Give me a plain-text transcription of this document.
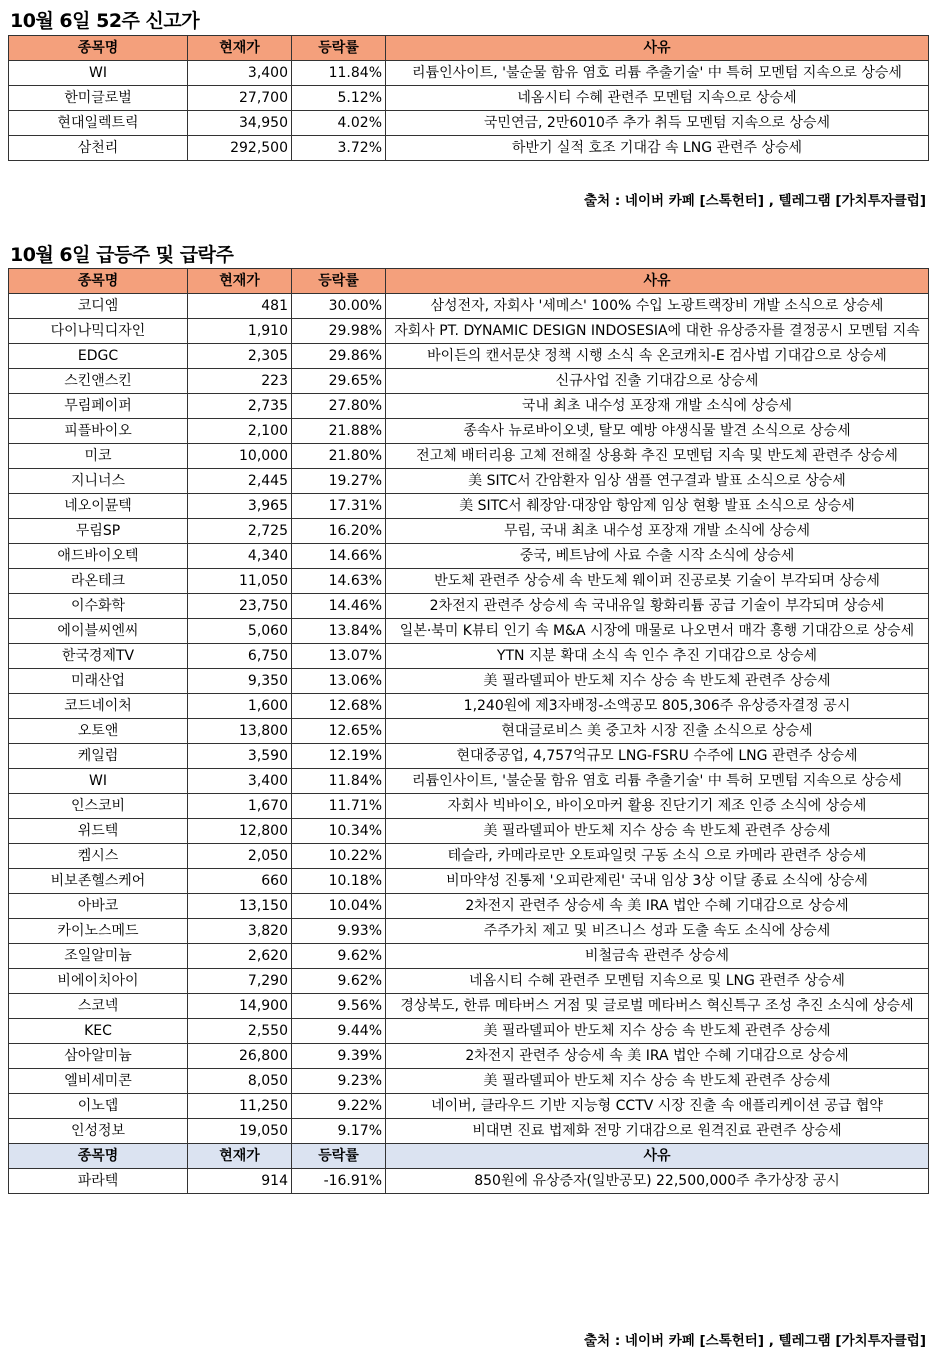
10월 6일 52주 신고가
종목명	현재가	등락률	사유
WI	3,400	11.84%	리튬인사이트, '불순물 함유 염호 리튬 추출기술' 中 특허 모멘텀 지속으로 상승세
한미글로벌	27,700	5.12%	네옴시티 수혜 관련주 모멘텀 지속으로 상승세
현대일렉트릭	34,950	4.02%	국민연금, 2만6010주 추가 취득 모멘텀 지속으로 상승세
삼천리	292,500	3.72%	하반기 실적 호조 기대감 속 LNG 관련주 상승세
출처 : 네이버 카페 [스톡헌터] , 텔레그램 [가치투자클럽]
10월 6일 급등주 및 급락주
종목명	현재가	등락률	사유
코디엠	481	30.00%	삼성전자, 자회사 '세메스' 100% 수입 노광트랙장비 개발 소식으로 상승세
다이나믹디자인	1,910	29.98%	자회사 PT. DYNAMIC DESIGN INDOSESIA에 대한 유상증자를 결정공시 모멘텀 지속
EDGC	2,305	29.86%	바이든의 캔서문샷 정책 시행 소식 속 온코캐치-E 검사법 기대감으로 상승세
스킨앤스킨	223	29.65%	신규사업 진출 기대감으로 상승세
무림페이퍼	2,735	27.80%	국내 최초 내수성 포장재 개발 소식에 상승세
피플바이오	2,100	21.88%	종속사 뉴로바이오넷, 탈모 예방 야생식물 발견 소식으로 상승세
미코	10,000	21.80%	전고체 배터리용 고체 전해질 상용화 추진 모멘텀 지속 및 반도체 관련주 상승세
지니너스	2,445	19.27%	美 SITC서 간암환자 임상 샘플 연구결과 발표 소식으로 상승세
네오이뮨텍	3,965	17.31%	美 SITC서 췌장암·대장암 항암제 임상 현황 발표 소식으로 상승세
무림SP	2,725	16.20%	무림, 국내 최초 내수성 포장재 개발 소식에 상승세
애드바이오텍	4,340	14.66%	중국, 베트남에 사료 수출 시작 소식에 상승세
라온테크	11,050	14.63%	반도체 관련주 상승세 속 반도체 웨이퍼 진공로봇 기술이 부각되며 상승세
이수화학	23,750	14.46%	2차전지 관련주 상승세 속 국내유일 황화리튬 공급 기술이 부각되며 상승세
에이블씨엔씨	5,060	13.84%	일본·북미 K뷰티 인기 속 M&A 시장에 매물로 나오면서 매각 흥행 기대감으로 상승세
한국경제TV	6,750	13.07%	YTN 지분 확대 소식 속 인수 추진 기대감으로 상승세
미래산업	9,350	13.06%	美 필라델피아 반도체 지수 상승 속 반도체 관련주 상승세
코드네이처	1,600	12.68%	1,240원에 제3자배정-소액공모 805,306주 유상증자결정 공시
오토앤	13,800	12.65%	현대글로비스 美 중고차 시장 진출 소식으로 상승세
케일럼	3,590	12.19%	현대중공업, 4,757억규모 LNG-FSRU 수주에 LNG 관련주 상승세
WI	3,400	11.84%	리튬인사이트, '불순물 함유 염호 리튬 추출기술' 中 특허 모멘텀 지속으로 상승세
인스코비	1,670	11.71%	자회사 빅바이오, 바이오마커 활용 진단기기 제조 인증 소식에 상승세
위드텍	12,800	10.34%	美 필라델피아 반도체 지수 상승 속 반도체 관련주 상승세
켐시스	2,050	10.22%	테슬라, 카메라로만 오토파일럿 구동 소식 으로 카메라 관련주 상승세
비보존헬스케어	660	10.18%	비마약성 진통제 '오피란제린' 국내 임상 3상 이달 종료 소식에 상승세
아바코	13,150	10.04%	2차전지 관련주 상승세 속 美 IRA 법안 수혜 기대감으로 상승세
카이노스메드	3,820	9.93%	주주가치 제고 및 비즈니스 성과 도출 속도 소식에 상승세
조일알미늄	2,620	9.62%	비철금속 관련주 상승세
비에이치아이	7,290	9.62%	네옴시티 수혜 관련주 모멘텀 지속으로 및 LNG 관련주 상승세
스코넥	14,900	9.56%	경상북도, 한류 메타버스 거점 및 글로벌 메타버스 혁신특구 조성 추진 소식에 상승세
KEC	2,550	9.44%	美 필라델피아 반도체 지수 상승 속 반도체 관련주 상승세
삼아알미늄	26,800	9.39%	2차전지 관련주 상승세 속 美 IRA 법안 수혜 기대감으로 상승세
엘비세미콘	8,050	9.23%	美 필라델피아 반도체 지수 상승 속 반도체 관련주 상승세
이노뎁	11,250	9.22%	네이버, 클라우드 기반 지능형 CCTV 시장 진출 속 애플리케이션 공급 협약
인성정보	19,050	9.17%	비대면 진료 법제화 전망 기대감으로 원격진료 관련주 상승세
종목명	현재가	등락률	사유
파라텍	914	-16.91%	850원에 유상증자(일반공모) 22,500,000주 추가상장 공시
출처 : 네이버 카페 [스톡헌터] , 텔레그램 [가치투자클럽]
